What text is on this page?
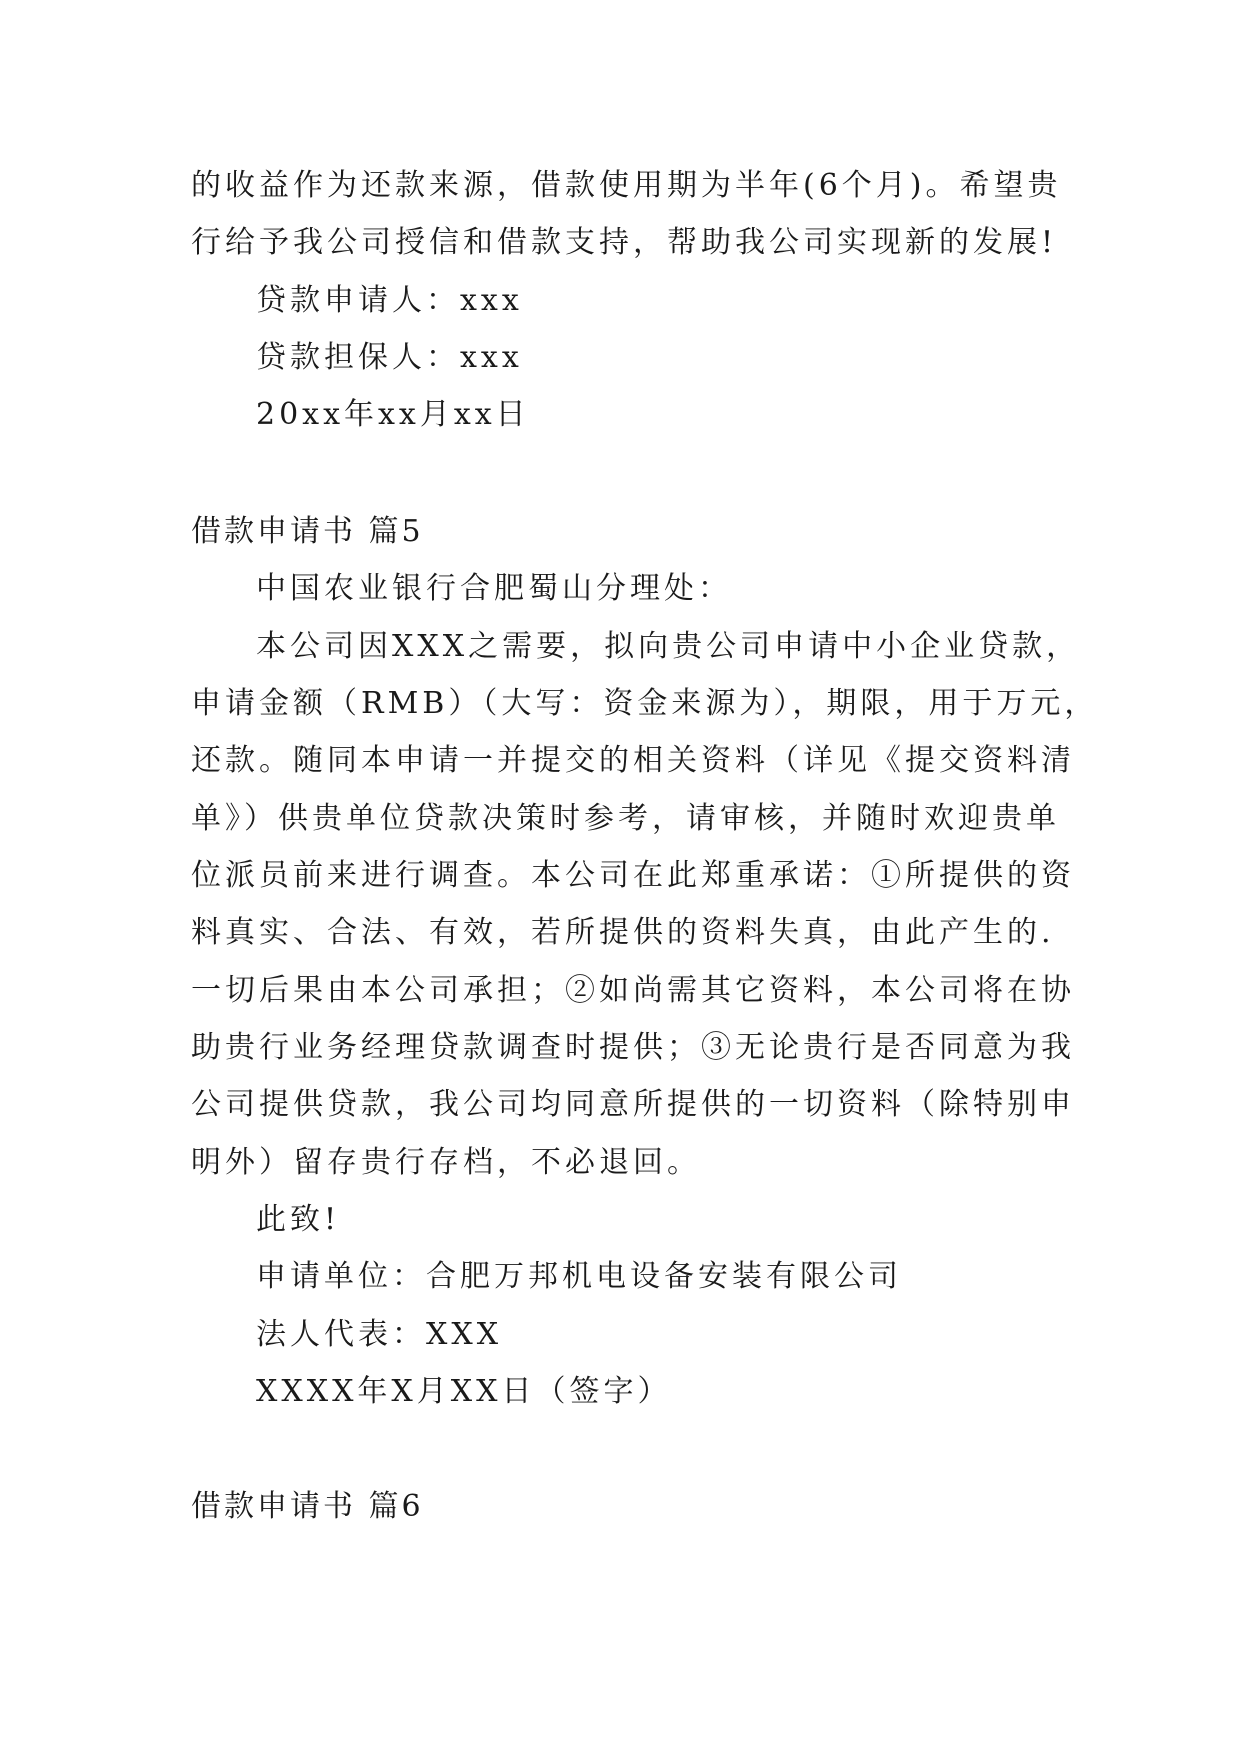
的收益作为还款来源，借款使用期为半年(6个月)。希望贵
行给予我公司授信和借款支持，帮助我公司实现新的发展!
贷款申请人：xxx
贷款担保人：xxx
20xx年xx月xx日
借款申请书 篇5
中国农业银行合肥蜀山分理处：
本公司因XXX之需要，拟向贵公司申请中小企业贷款，
申请金额（RMB）（大写：资金来源为），期限，用于万元，
还款。随同本申请一并提交的相关资料（详见《提交资料清
单》）供贵单位贷款决策时参考，请审核，并随时欢迎贵单
位派员前来进行调查。本公司在此郑重承诺：①所提供的资
料真实、合法、有效，若所提供的资料失真，由此产生的.
一切后果由本公司承担；②如尚需其它资料，本公司将在协
助贵行业务经理贷款调查时提供；③无论贵行是否同意为我
公司提供贷款，我公司均同意所提供的一切资料（除特别申
明外）留存贵行存档，不必退回。
此致!
申请单位：合肥万邦机电设备安装有限公司
法人代表：XXX
XXXX年X月XX日（签字）
借款申请书 篇6
